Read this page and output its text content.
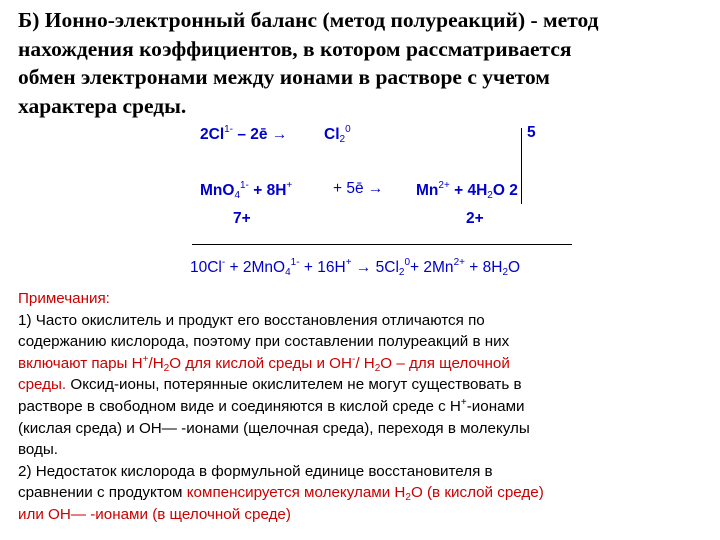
Б) Ионно-электронный баланс (метод полуреакций) - метод
нахождения коэффициентов, в котором рассматривается
обмен электронами между ионами в растворе с учетом
характера среды.
$2Cl^{1-}$ – 2ē → $Cl_2^0$	5
MnO$_4^{1-}$ + 8H+	+ 5ē → $Mn^{2+} + 4H_2O$ 2
7+	2+
$10Cl^- + 2MnO_4^{1-} + 16H^+ \to 5Cl_2^0+ 2Mn^{2+} + 8H_2O$
Примечания:
1) Часто окислитель и продукт его восстановления отличаются по
содержанию кислорода, поэтому при составлении полуреакций в них
включают пары $Н^+/H_2O$ для кислой среды и OH-/ $H_2O$ – для щелочной
среды. Оксид-ионы, потерянные окислителем не могут существовать в
растворе в свободном виде и соединяются в кислой среде с Н+-ионами
(кислая среда) и ОН— -ионами (щелочная среда), переходя в молекулы
воды.
2) Недостаток кислорода в формульной единице восстановителя в
сравнении с продуктом компенсируется молекулами $Н_2О$ (в кислой среде)
или ОН— -ионами (в щелочной среде)
